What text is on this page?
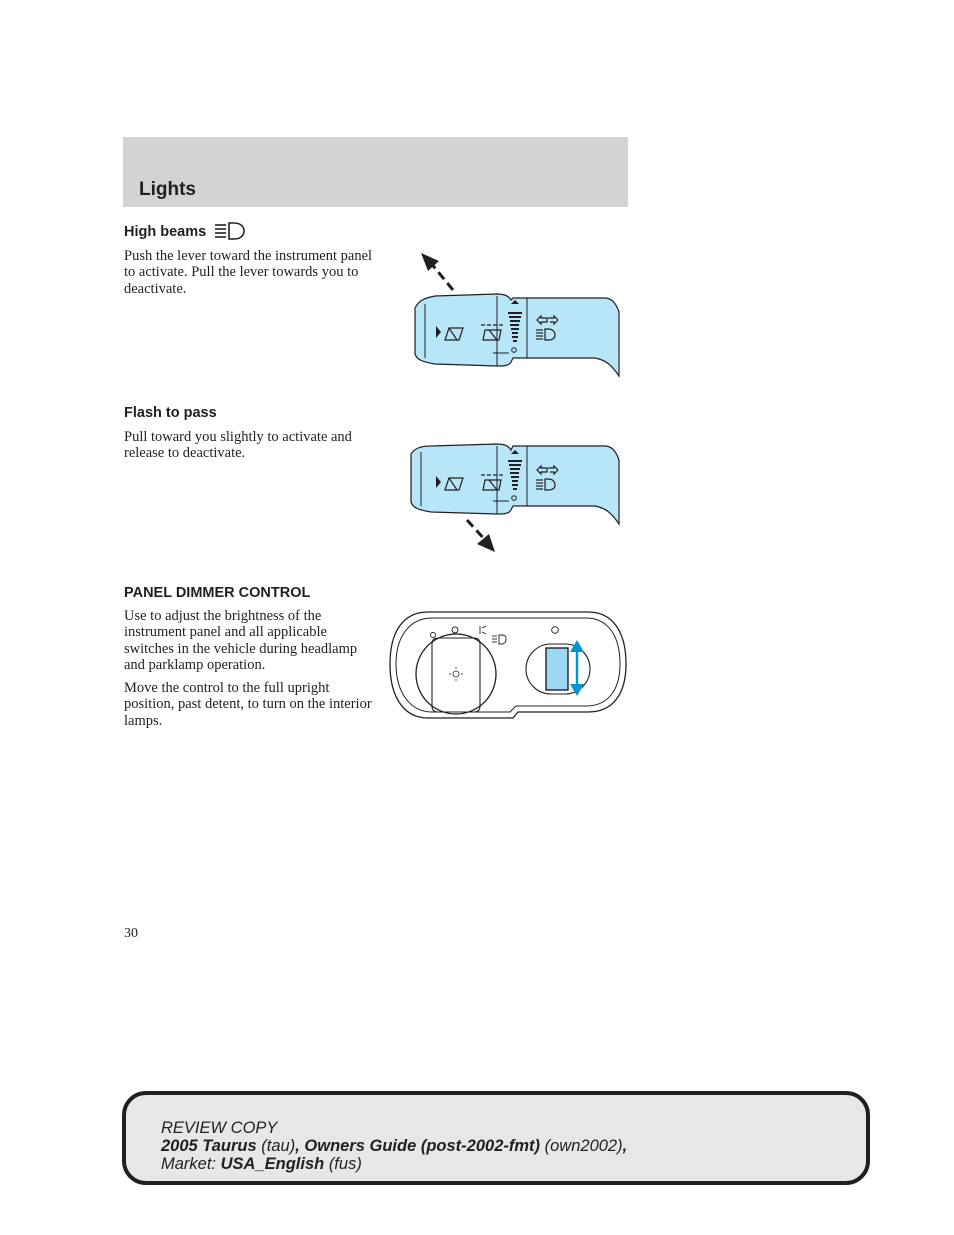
Lights
High beams

Push the lever toward the instrument panel to activate. Pull the lever towards you to deactivate.

Flash to pass

Pull toward you slightly to activate and release to deactivate.

PANEL DIMMER CONTROL

Use to adjust the brightness of the instrument panel and all applicable switches in the vehicle during headlamp and parklamp operation.

Move the control to the full upright position, past detent, to turn on the interior lamps.

30
REVIEW COPY
2005 Taurus (tau), Owners Guide (post-2002-fmt) (own2002),
Market: USA_English (fus)
